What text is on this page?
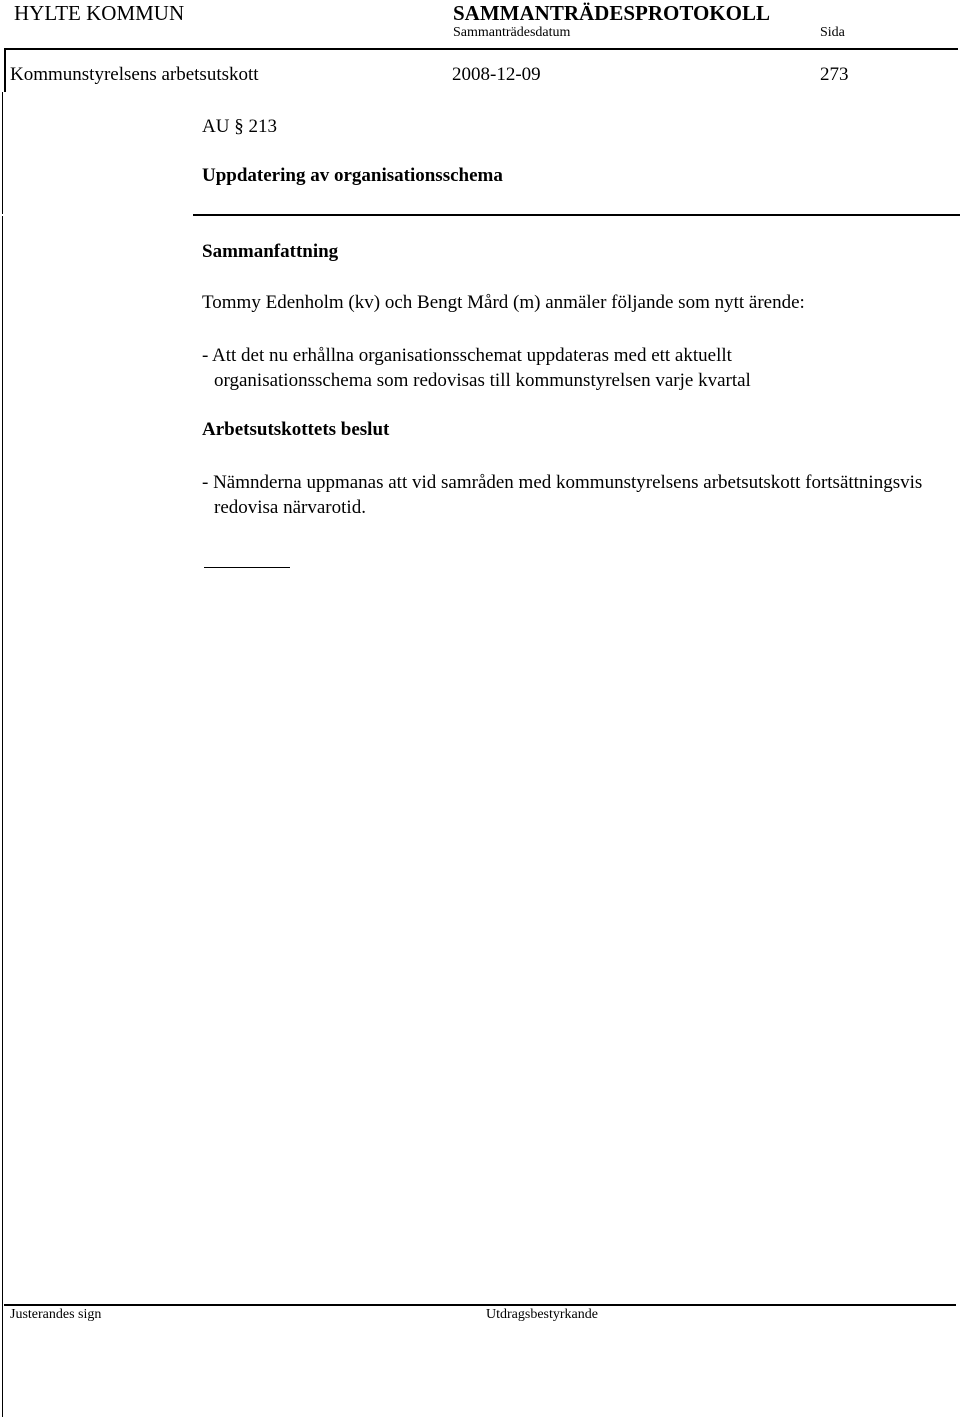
HYLTE KOMMUN	SAMMANTRÄDESPROTOKOLL
Sammanträdesdatum	Sida
Kommunstyrelsens arbetsutskott	2008-12-09	273
AU § 213
Uppdatering av organisationsschema
Sammanfattning
Tommy Edenholm (kv) och Bengt Mård (m) anmäler följande som nytt ärende:
- Att det nu erhållna organisationsschemat uppdateras med ett aktuellt organisationsschema som redovisas till kommunstyrelsen varje kvartal
Arbetsutskottets beslut
- Nämnderna uppmanas att vid samråden med kommunstyrelsens arbetsutskott fortsättningsvis redovisa närvarotid.
Justerandes sign	Utdragsbestyrkande
